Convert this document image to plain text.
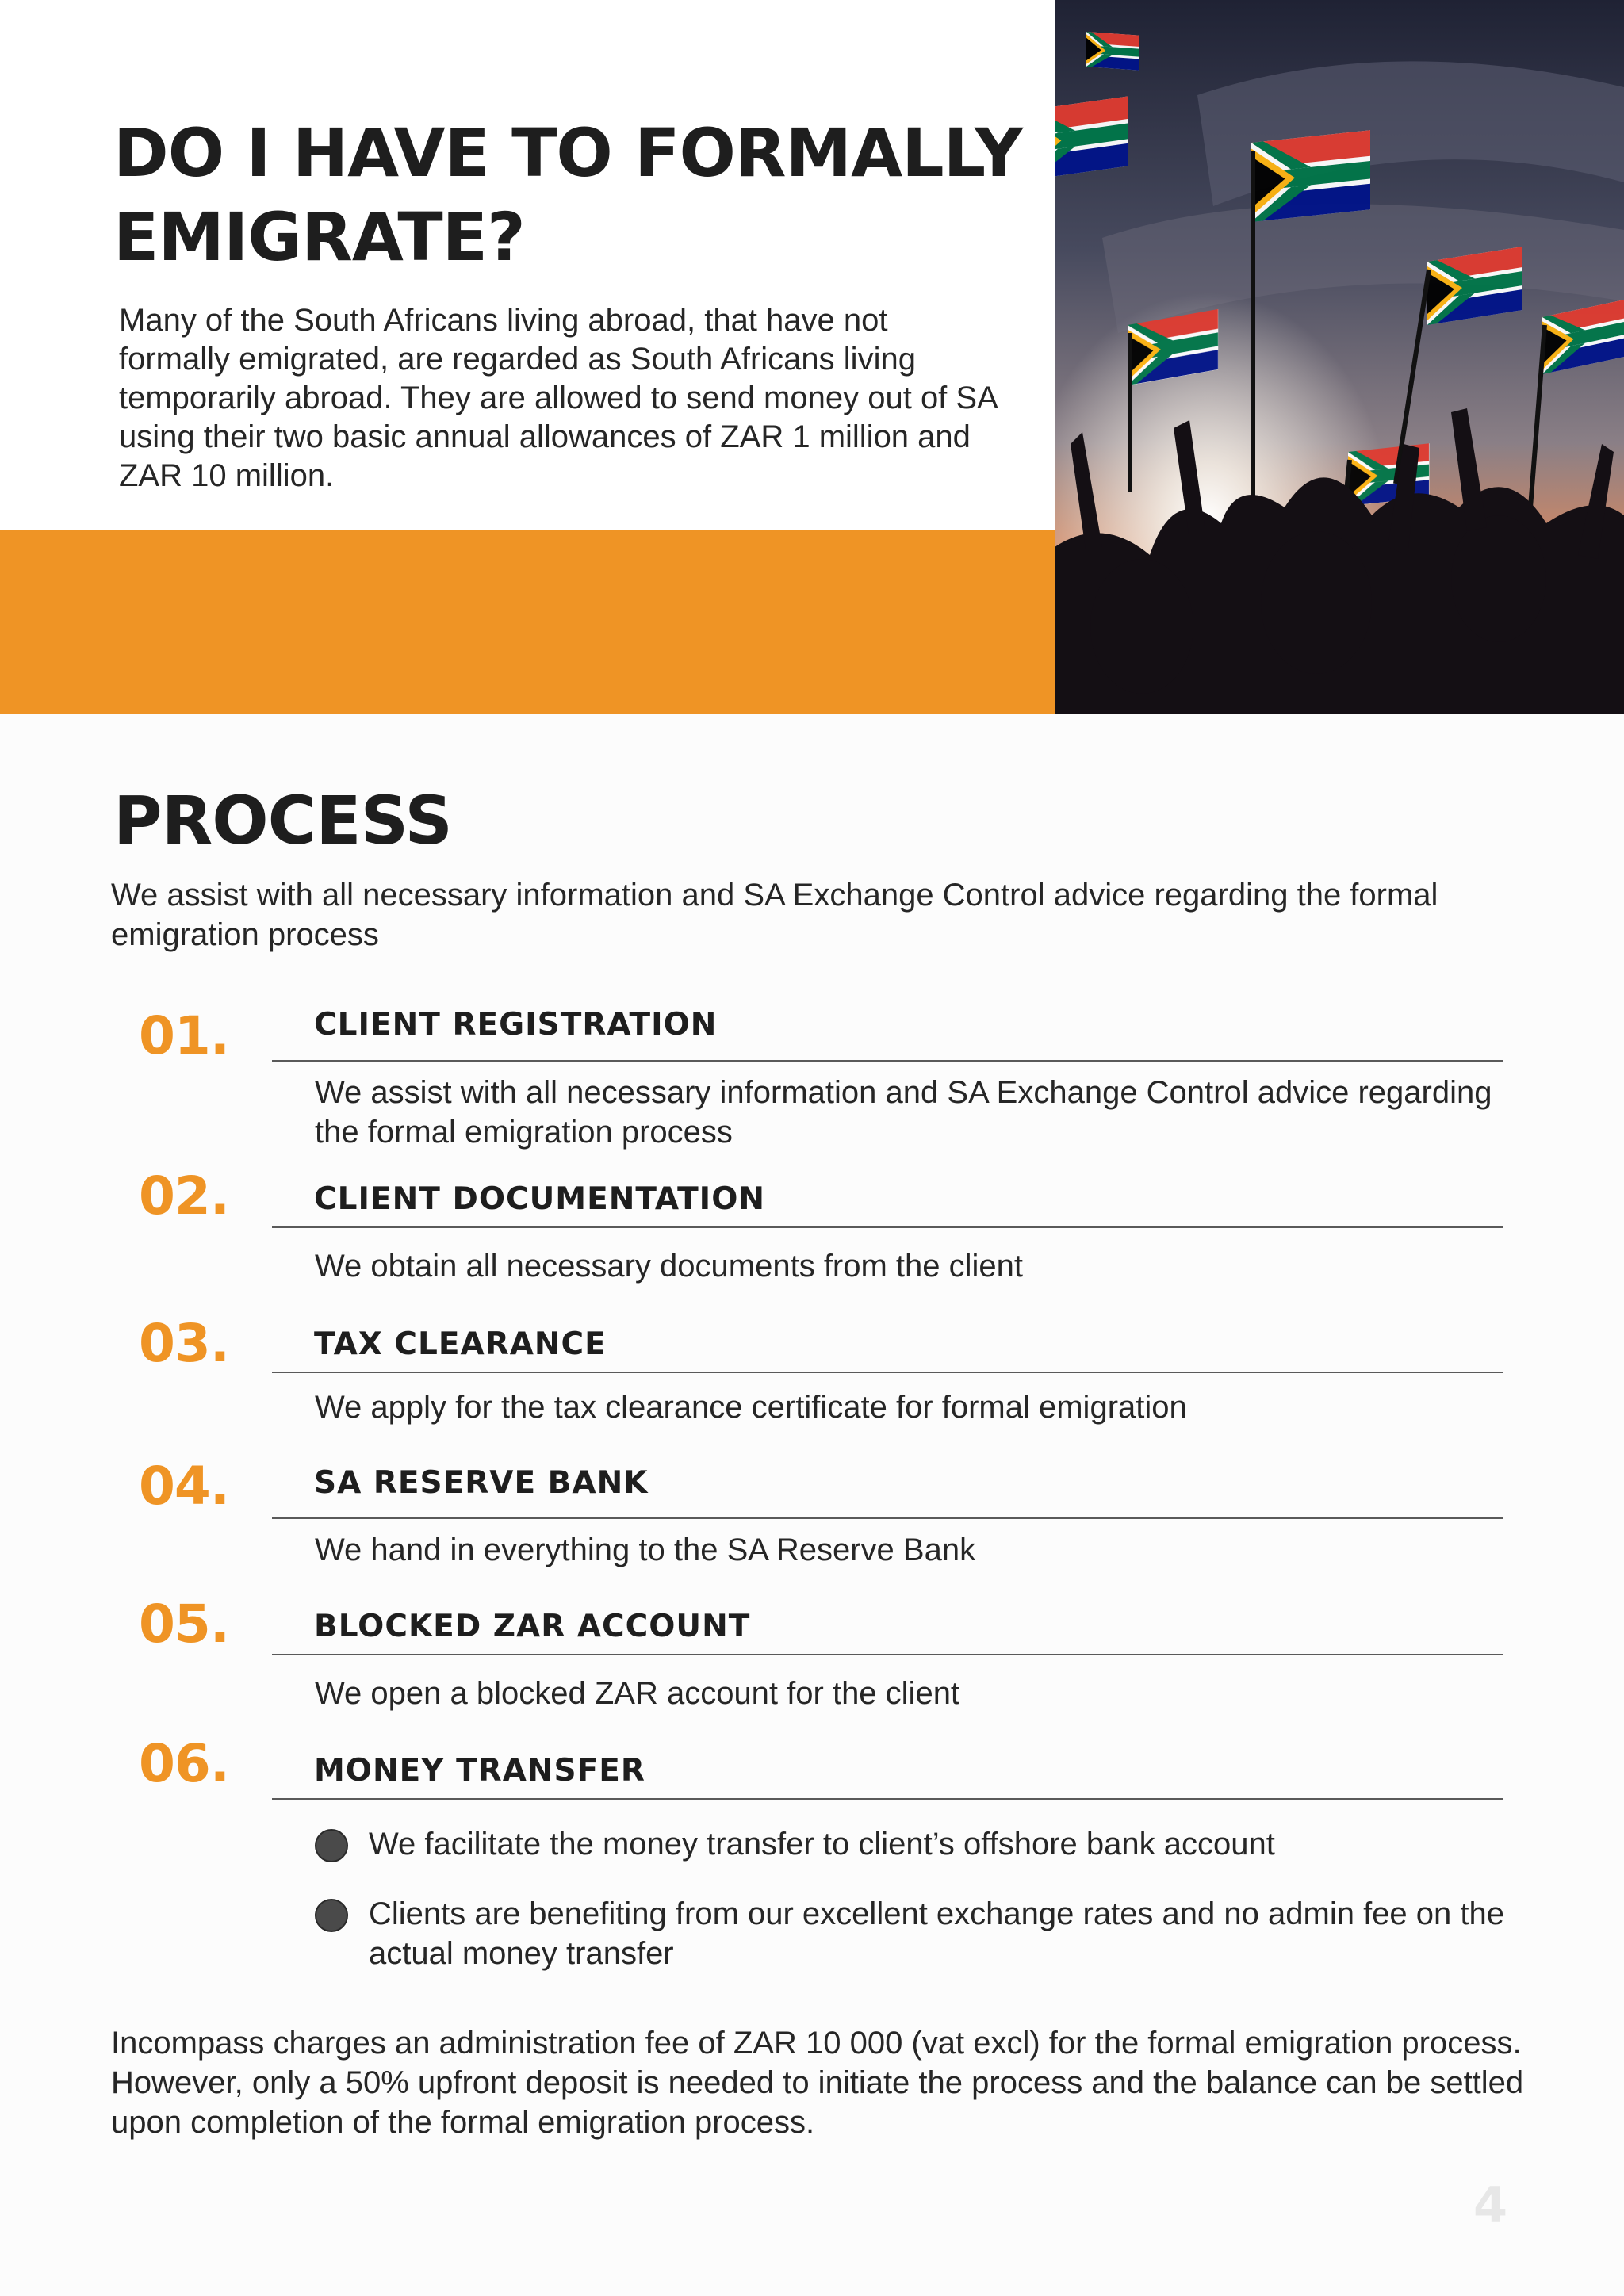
DO I HAVE TO FORMALLY
EMIGRATE?

Many of the South Africans living abroad, that have not formally emigrated, are regarded as South Africans living temporarily abroad. They are allowed to send money out of SA using their two basic annual allowances of ZAR 1 million and ZAR 10 million.

PROCESS

We assist with all necessary information and SA Exchange Control advice regarding the formal emigration process

01.	CLIENT REGISTRATION
We assist with all necessary information and SA Exchange Control advice regarding the formal emigration process
02.	CLIENT DOCUMENTATION
We obtain all necessary documents from the client
03.	TAX CLEARANCE
We apply for the tax clearance certificate for formal emigration
04.	SA RESERVE BANK
We hand in everything to the SA Reserve Bank
05.	BLOCKED ZAR ACCOUNT
We open a blocked ZAR account for the client
06.	MONEY TRANSFER
We facilitate the money transfer to client’s offshore bank account
Clients are benefiting from our excellent exchange rates and no admin fee on the actual money transfer

Incompass charges an administration fee of ZAR 10 000 (vat excl) for the formal emigration process. However, only a 50% upfront deposit is needed to initiate the process and the balance can be settled upon completion of the formal emigration process.

4
